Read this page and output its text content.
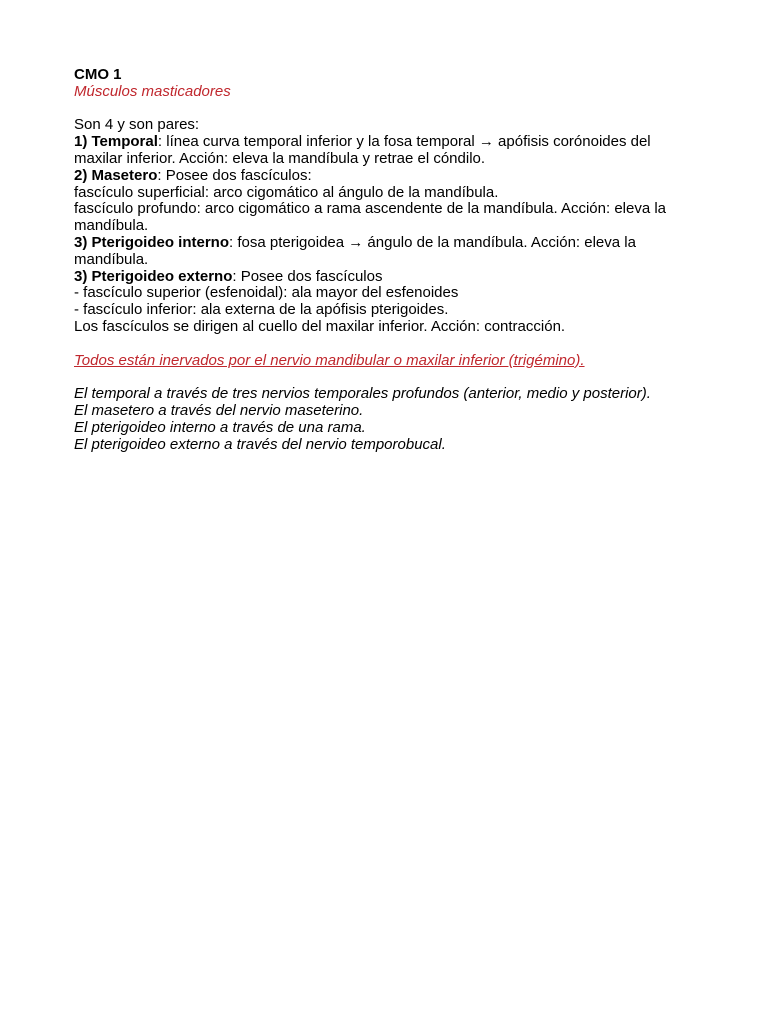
CMO 1
Músculos masticadores
Son 4 y son pares:
1) Temporal: línea curva temporal inferior y la fosa temporal → apófisis corónoides del
maxilar inferior. Acción: eleva la mandíbula y retrae el cóndilo.
2) Masetero: Posee dos fascículos:
fascículo superficial: arco cigomático al ángulo de la mandíbula.
fascículo profundo: arco cigomático a rama ascendente de la mandíbula. Acción: eleva la
mandíbula.
3) Pterigoideo interno: fosa pterigoidea → ángulo de la mandíbula. Acción: eleva la
mandíbula.
3) Pterigoideo externo: Posee dos fascículos
- fascículo superior (esfenoidal): ala mayor del esfenoides
- fascículo inferior: ala externa de la apófisis pterigoides.
Los fascículos se dirigen al cuello del maxilar inferior. Acción: contracción.
Todos están inervados por el nervio mandibular o maxilar inferior (trigémino).
El temporal a través de tres nervios temporales profundos (anterior, medio y posterior).
El masetero a través del nervio maseterino.
El pterigoideo interno a través de una rama.
El pterigoideo externo a través del nervio temporobucal.
